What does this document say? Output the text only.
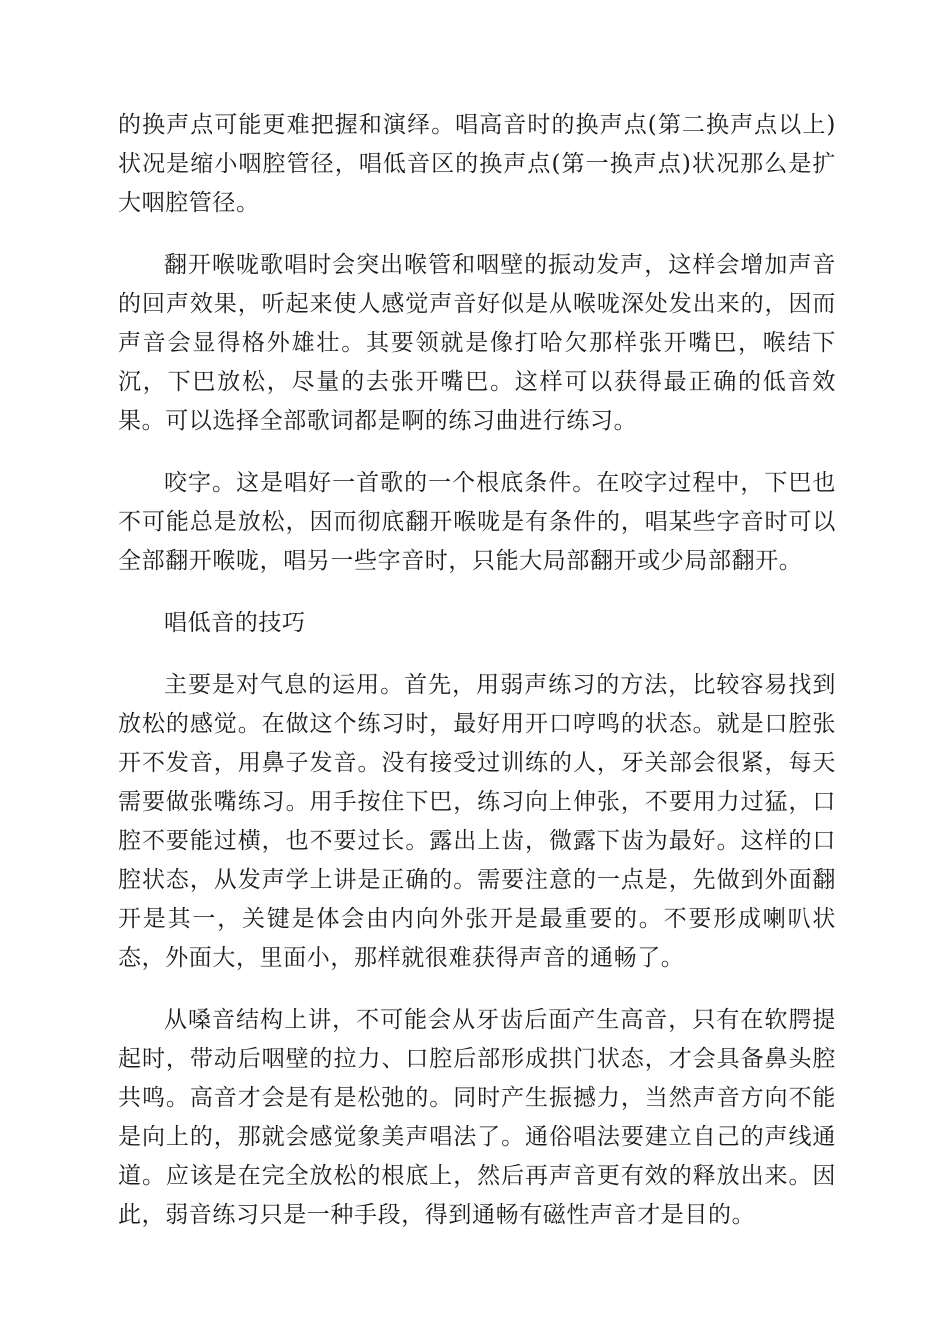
的换声点可能更难把握和演绎。唱高音时的换声点(第二换声点以上)状况是缩小咽腔管径，唱低音区的换声点(第一换声点)状况那么是扩大咽腔管径。

翻开喉咙歌唱时会突出喉管和咽壁的振动发声，这样会增加声音的回声效果，听起来使人感觉声音好似是从喉咙深处发出来的，因而声音会显得格外雄壮。其要领就是像打哈欠那样张开嘴巴，喉结下沉，下巴放松，尽量的去张开嘴巴。这样可以获得最正确的低音效果。可以选择全部歌词都是啊的练习曲进行练习。

咬字。这是唱好一首歌的一个根底条件。在咬字过程中，下巴也不可能总是放松，因而彻底翻开喉咙是有条件的，唱某些字音时可以全部翻开喉咙，唱另一些字音时，只能大局部翻开或少局部翻开。

唱低音的技巧

主要是对气息的运用。首先，用弱声练习的方法，比较容易找到放松的感觉。在做这个练习时，最好用开口哼鸣的状态。就是口腔张开不发音，用鼻子发音。没有接受过训练的人，牙关部会很紧，每天需要做张嘴练习。用手按住下巴，练习向上伸张，不要用力过猛，口腔不要能过横，也不要过长。露出上齿，微露下齿为最好。这样的口腔状态，从发声学上讲是正确的。需要注意的一点是，先做到外面翻开是其一，关键是体会由内向外张开是最重要的。不要形成喇叭状态，外面大，里面小，那样就很难获得声音的通畅了。

从嗓音结构上讲，不可能会从牙齿后面产生高音，只有在软腭提起时，带动后咽壁的拉力、口腔后部形成拱门状态，才会具备鼻头腔共鸣。高音才会是有是松弛的。同时产生振撼力，当然声音方向不能是向上的，那就会感觉象美声唱法了。通俗唱法要建立自己的声线通道。应该是在完全放松的根底上，然后再声音更有效的释放出来。因此，弱音练习只是一种手段，得到通畅有磁性声音才是目的。
